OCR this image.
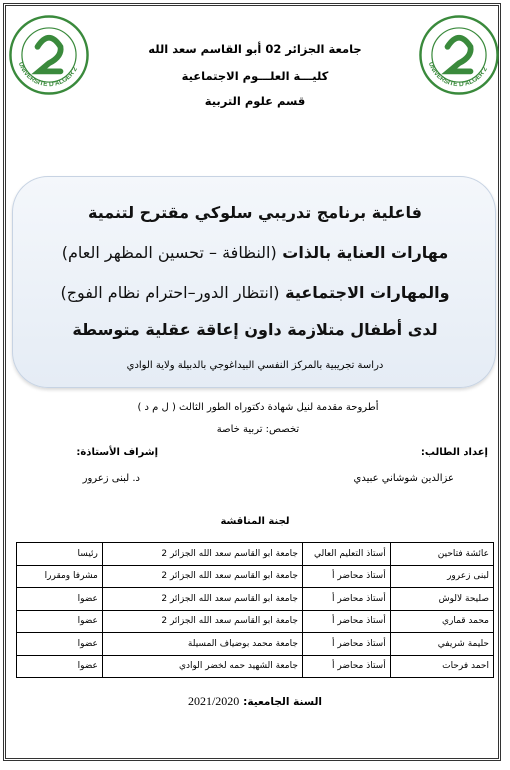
UNIVERSITE D'ALGER 2
UNIVERSITE D'ALGER 2
جامعة الجزائر 02 أبو القاسم سعد الله
كليـــة العلـــوم الاجتماعية
قسم علوم التربية
فاعلية برنامج تدريبي سلوكي مقترح لتنمية
مهارات العناية بالذات (النظافة – تحسين المظهر العام)
والمهارات الاجتماعية (انتظار الدور–احترام نظام الفوج)
لدى أطفال متلازمة داون إعاقة عقلية متوسطة
دراسة تجريبية بالمركز النفسي البيداغوجي بالدبيلة ولاية الوادي
أطروحة مقدمة لنيل شهادة دكتوراه الطور الثالث ( ل م د )
تخصص: تربية خاصة
إعداد الطالب:
إشراف الأستاذة:
عزالدين شوشاني عبيدي
د. لبنى زعرور
لجنة المناقشة
عائشة فتاحين	أستاذ التعليم العالي	جامعة ابو القاسم سعد الله الجزائر 2	رئيسا
لبنى زعرور	أستاذ محاضر أ	جامعة ابو القاسم سعد الله الجزائر 2	مشرفا ومقررا
صليحة لالوش	أستاذ محاضر أ	جامعة ابو القاسم سعد الله الجزائر 2	عضوا
محمد قماري	أستاذ محاضر أ	جامعة ابو القاسم سعد الله الجزائر 2	عضوا
حليمة شريفي	أستاذ محاضر أ	جامعة محمد بوضياف المسيلة	عضوا
احمد فرحات	أستاذ محاضر أ	جامعة الشهيد حمه لخضر الوادي	عضوا
السنة الجامعية: 2021/2020
